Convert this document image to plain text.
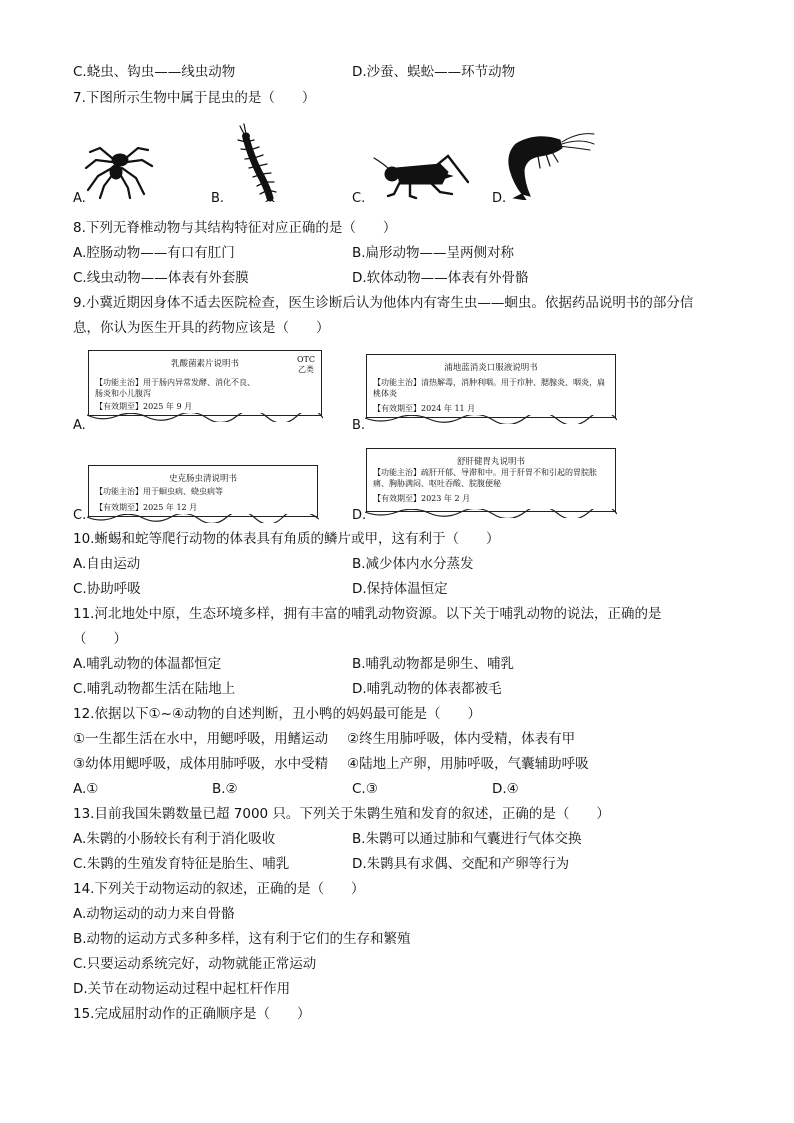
C.蛲虫、钩虫——线虫动物	D.沙蚕、蜈蚣——环节动物
7.下图所示生物中属于昆虫的是（　　）
A.	B.	C.	D.
8.下列无脊椎动物与其结构特征对应正确的是（　　）
A.腔肠动物——有口有肛门	B.扁形动物——呈两侧对称
C.线虫动物——体表有外套膜	D.软体动物——体表有外骨骼
9.小冀近期因身体不适去医院检查，医生诊断后认为他体内有寄生虫——蛔虫。依据药品说明书的部分信
息，你认为医生开具的药物应该是（　　）
A.
乳酸菌素片说明书	OTC
乙类
【功能主治】用于肠内异常发酵、消化不良、肠炎和小儿腹泻
【有效期至】2025 年 9 月
B.
浦地蓝消炎口服液说明书
【功能主治】清热解毒，消肿利咽。用于疖肿、腮腺炎、咽炎，扁桃体炎
【有效期至】2024 年 11 月
C.
史克肠虫清说明书
【功能主治】用于蛔虫病、蛲虫病等
【有效期至】2025 年 12 月
D.
舒肝健胃丸说明书
【功能主治】疏肝开郁、导滞和中。用于肝胃不和引起的胃脘胀痛、胸胁满闷、呕吐吞酸、脘腹便秘
【有效期至】2023 年 2 月
10.蜥蜴和蛇等爬行动物的体表具有角质的鳞片或甲，这有利于（　　）
A.自由运动	B.减少体内水分蒸发
C.协助呼吸	D.保持体温恒定
11.河北地处中原，生态环境多样，拥有丰富的哺乳动物资源。以下关于哺乳动物的说法，正确的是
（　　）
A.哺乳动物的体温都恒定	B.哺乳动物都是卵生、哺乳
C.哺乳动物都生活在陆地上	D.哺乳动物的体表都被毛
12.依据以下①~④动物的自述判断，丑小鸭的妈妈最可能是（　　）
①一生都生活在水中，用鳃呼吸，用鳍运动 ②终生用肺呼吸，体内受精，体表有甲
③幼体用鳃呼吸，成体用肺呼吸，水中受精 ④陆地上产卵，用肺呼吸，气囊辅助呼吸
A.①	B.②	C.③	D.④
13.目前我国朱鹮数量已超 7000 只。下列关于朱鹮生殖和发育的叙述，正确的是（　　）
A.朱鹮的小肠较长有利于消化吸收	B.朱鹮可以通过肺和气囊进行气体交换
C.朱鹮的生殖发育特征是胎生、哺乳	D.朱鹮具有求偶、交配和产卵等行为
14.下列关于动物运动的叙述，正确的是（　　）
A.动物运动的动力来自骨骼
B.动物的运动方式多种多样，这有利于它们的生存和繁殖
C.只要运动系统完好，动物就能正常运动
D.关节在动物运动过程中起杠杆作用
15.完成屈肘动作的正确顺序是（　　）
